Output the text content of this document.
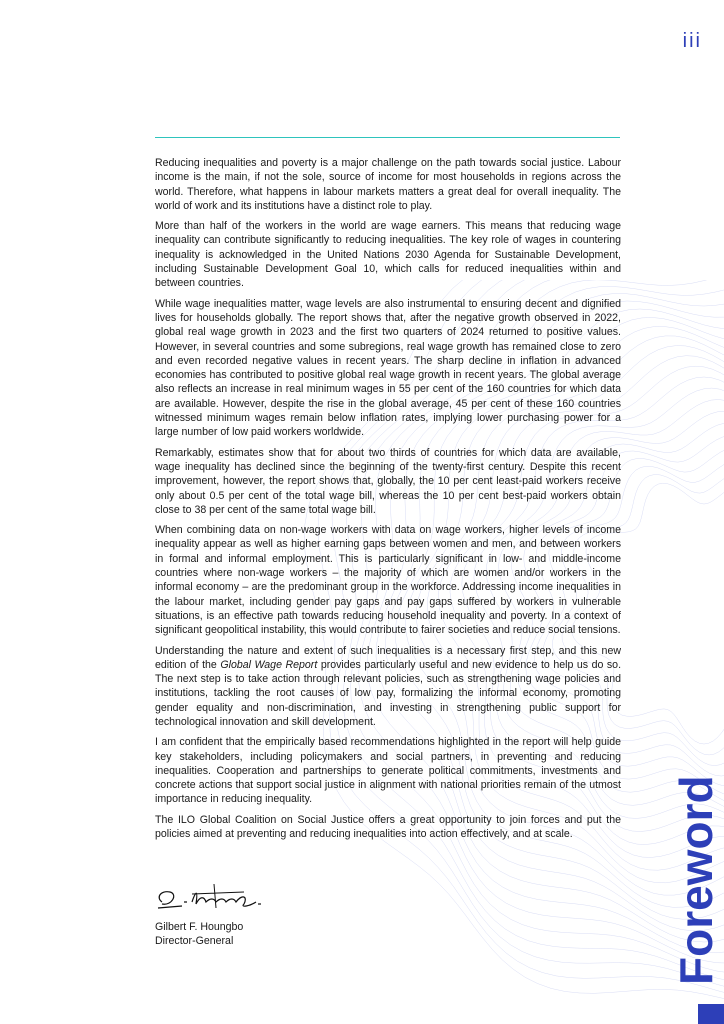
iii

Reducing inequalities and poverty is a major challenge on the path towards social justice. Labour income is the main, if not the sole, source of income for most households in regions across the world. Therefore, what happens in labour markets matters a great deal for overall inequality. The world of work and its institutions have a distinct role to play.

More than half of the workers in the world are wage earners. This means that reducing wage inequality can contribute significantly to reducing inequalities. The key role of wages in countering inequality is acknowledged in the United Nations 2030 Agenda for Sustainable Development, including Sustainable Development Goal 10, which calls for reduced inequalities within and between countries.

While wage inequalities matter, wage levels are also instrumental to ensuring decent and dignified lives for households globally. The report shows that, after the negative growth observed in 2022, global real wage growth in 2023 and the first two quarters of 2024 returned to positive values. However, in several countries and some subregions, real wage growth has remained close to zero and even recorded negative values in recent years. The sharp decline in inflation in advanced economies has contributed to positive global real wage growth in recent years. The global average also reflects an increase in real minimum wages in 55 per cent of the 160 countries for which data are available. However, despite the rise in the global average, 45 per cent of these 160 countries witnessed minimum wages remain below inflation rates, implying lower purchasing power for a large number of low paid workers worldwide.

Remarkably, estimates show that for about two thirds of countries for which data are available, wage inequality has declined since the beginning of the twenty-first century. Despite this recent improvement, however, the report shows that, globally, the 10 per cent least-paid workers receive only about 0.5 per cent of the total wage bill, whereas the 10 per cent best-paid workers obtain close to 38 per cent of the same total wage bill.

When combining data on non-wage workers with data on wage workers, higher levels of income inequality appear as well as higher earning gaps between women and men, and between workers in formal and informal employment. This is particularly significant in low- and middle-income countries where non-wage workers – the majority of which are women and/or workers in the informal economy – are the predominant group in the workforce. Addressing income inequalities in the labour market, including gender pay gaps and pay gaps suffered by workers in vulnerable situations, is an effective path towards reducing household inequality and poverty. In a context of significant geopolitical instability, this would contribute to fairer societies and reduce social tensions.

Understanding the nature and extent of such inequalities is a necessary first step, and this new edition of the Global Wage Report provides particularly useful and new evidence to help us do so. The next step is to take action through relevant policies, such as strengthening wage policies and institutions, tackling the root causes of low pay, formalizing the informal economy, promoting gender equality and non-discrimination, and investing in strengthening public support for technological innovation and skill development.

I am confident that the empirically based recommendations highlighted in the report will help guide key stakeholders, including policymakers and social partners, in preventing and reducing inequalities. Cooperation and partnerships to generate political commitments, investments and concrete actions that support social justice in alignment with national priorities remain of the utmost importance in reducing inequality.

The ILO Global Coalition on Social Justice offers a great opportunity to join forces and put the policies aimed at preventing and reducing inequalities into action effectively, and at scale.

Gilbert F. Houngbo
Director-General	Foreword
